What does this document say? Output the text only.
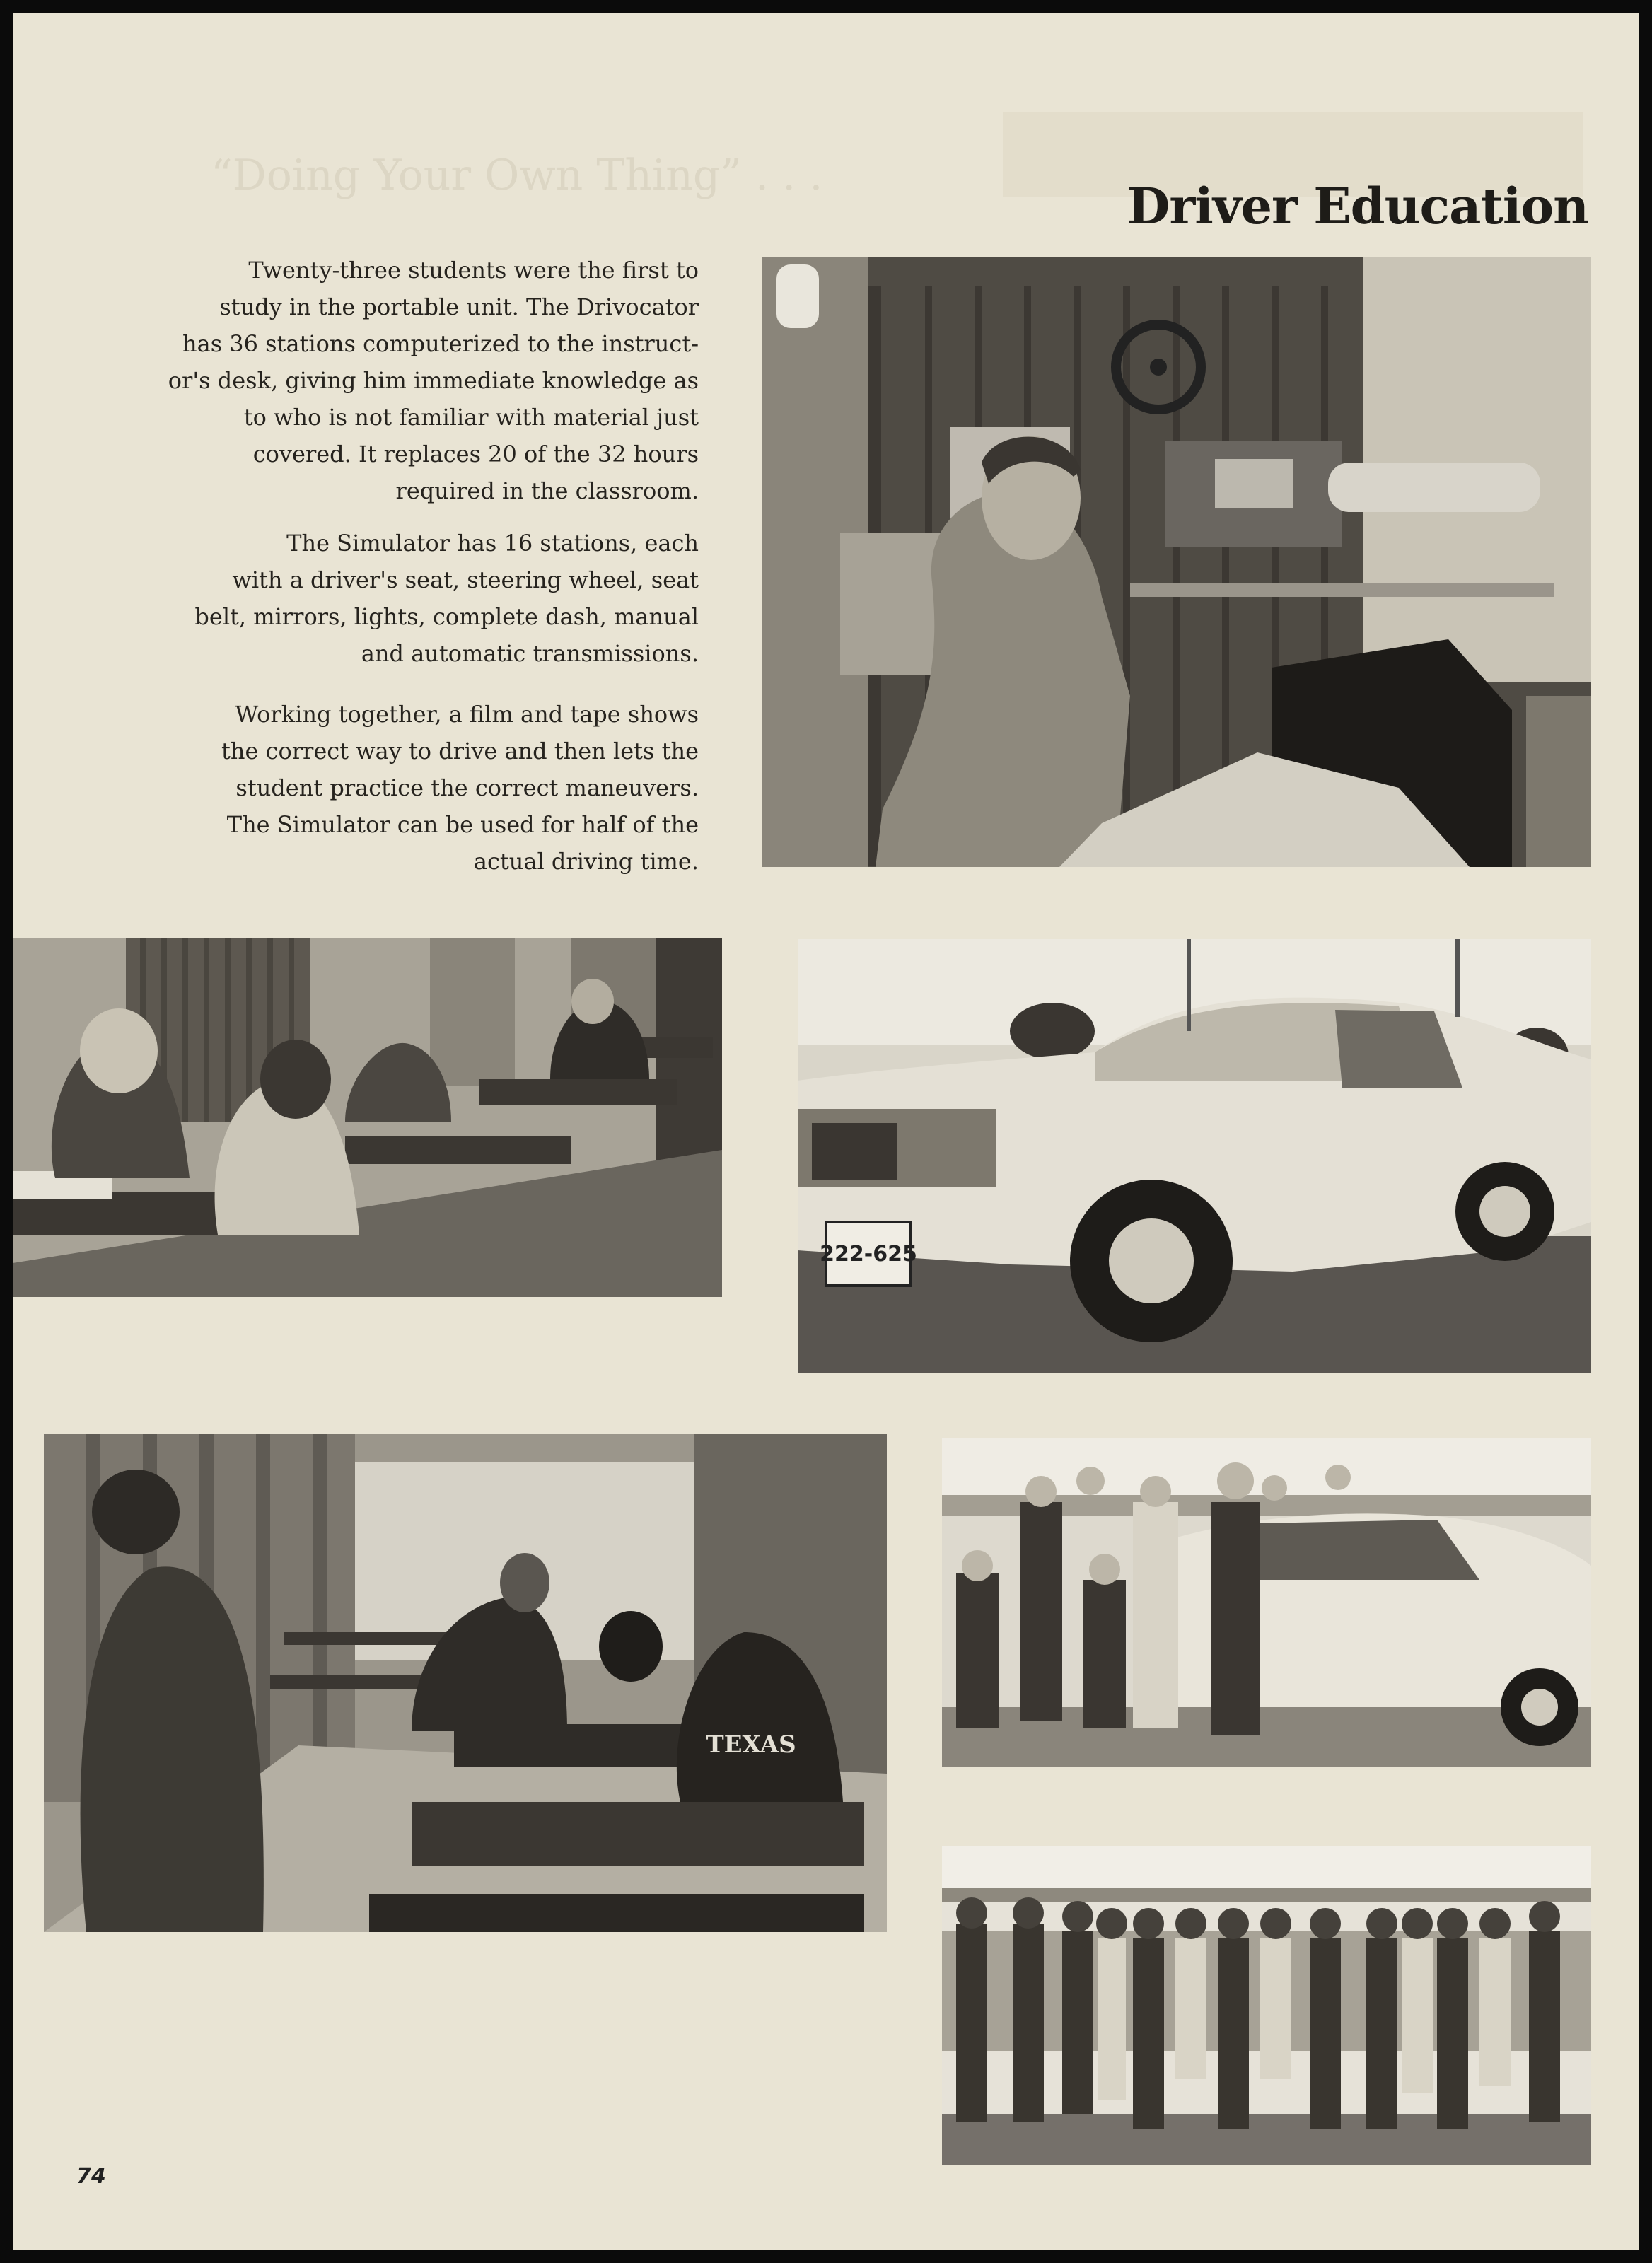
“Doing Your Own Thing” . . .
Driver Education

Twenty-three students were the first to

study in the portable unit. The Drivocator

has 36 stations computerized to the instruct-

or's desk, giving him immediate knowledge as

to who is not familiar with material just

covered. It replaces 20 of the 32 hours

required in the classroom.

The Simulator has 16 stations, each

with a driver's seat, steering wheel, seat

belt, mirrors, lights, complete dash, manual

and automatic transmissions.

Working together, a film and tape shows

the correct way to drive and then lets the

student practice the correct maneuvers.

The Simulator can be used for half of the

actual driving time.

222-625
TEXAS
74
